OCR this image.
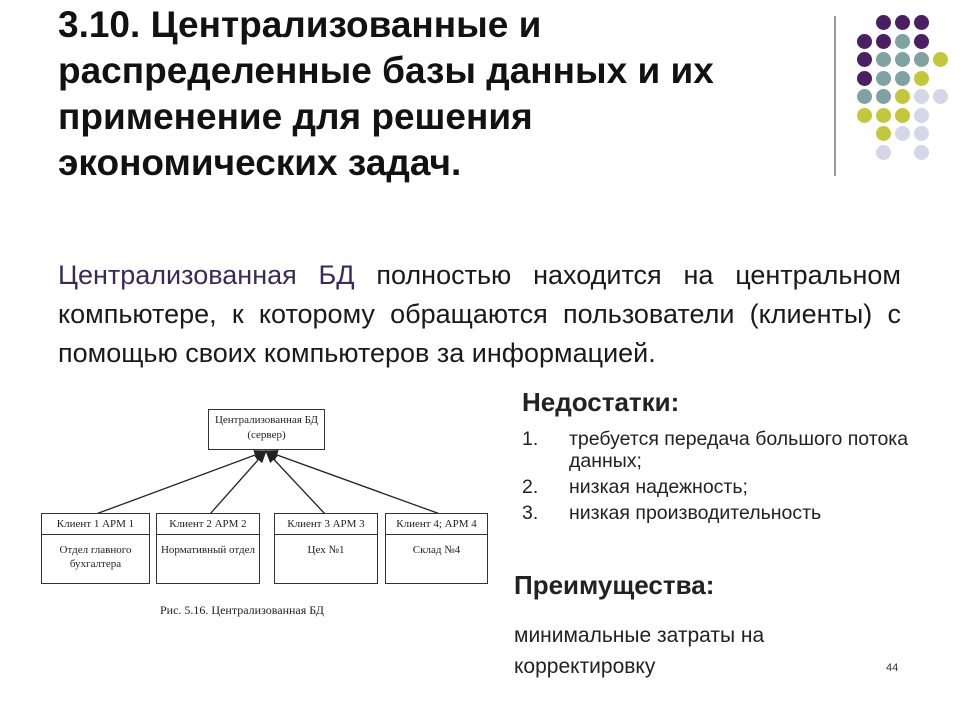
3.10. Централизованные и распределенные базы данных и их применение для решения экономических задач.

Централизованная БД полностью находится на центральном компьютере, к которому обращаются пользователи (клиенты) с помощью своих компьютеров за информацией.

Централизованная БД (сервер)
Клиент 1 АРМ 1
Отдел главного бухгалтера
Клиент 2 АРМ 2
Нормативный отдел
Клиент 3 АРМ 3
Цех №1
Клиент 4; АРМ 4
Склад №4
Рис. 5.16. Централизованная БД
Недостатки:
1. требуется передача большого потока данных;
2. низкая надежность;
3. низкая производительность
Преимущества:

минимальные затраты на корректировку	44
